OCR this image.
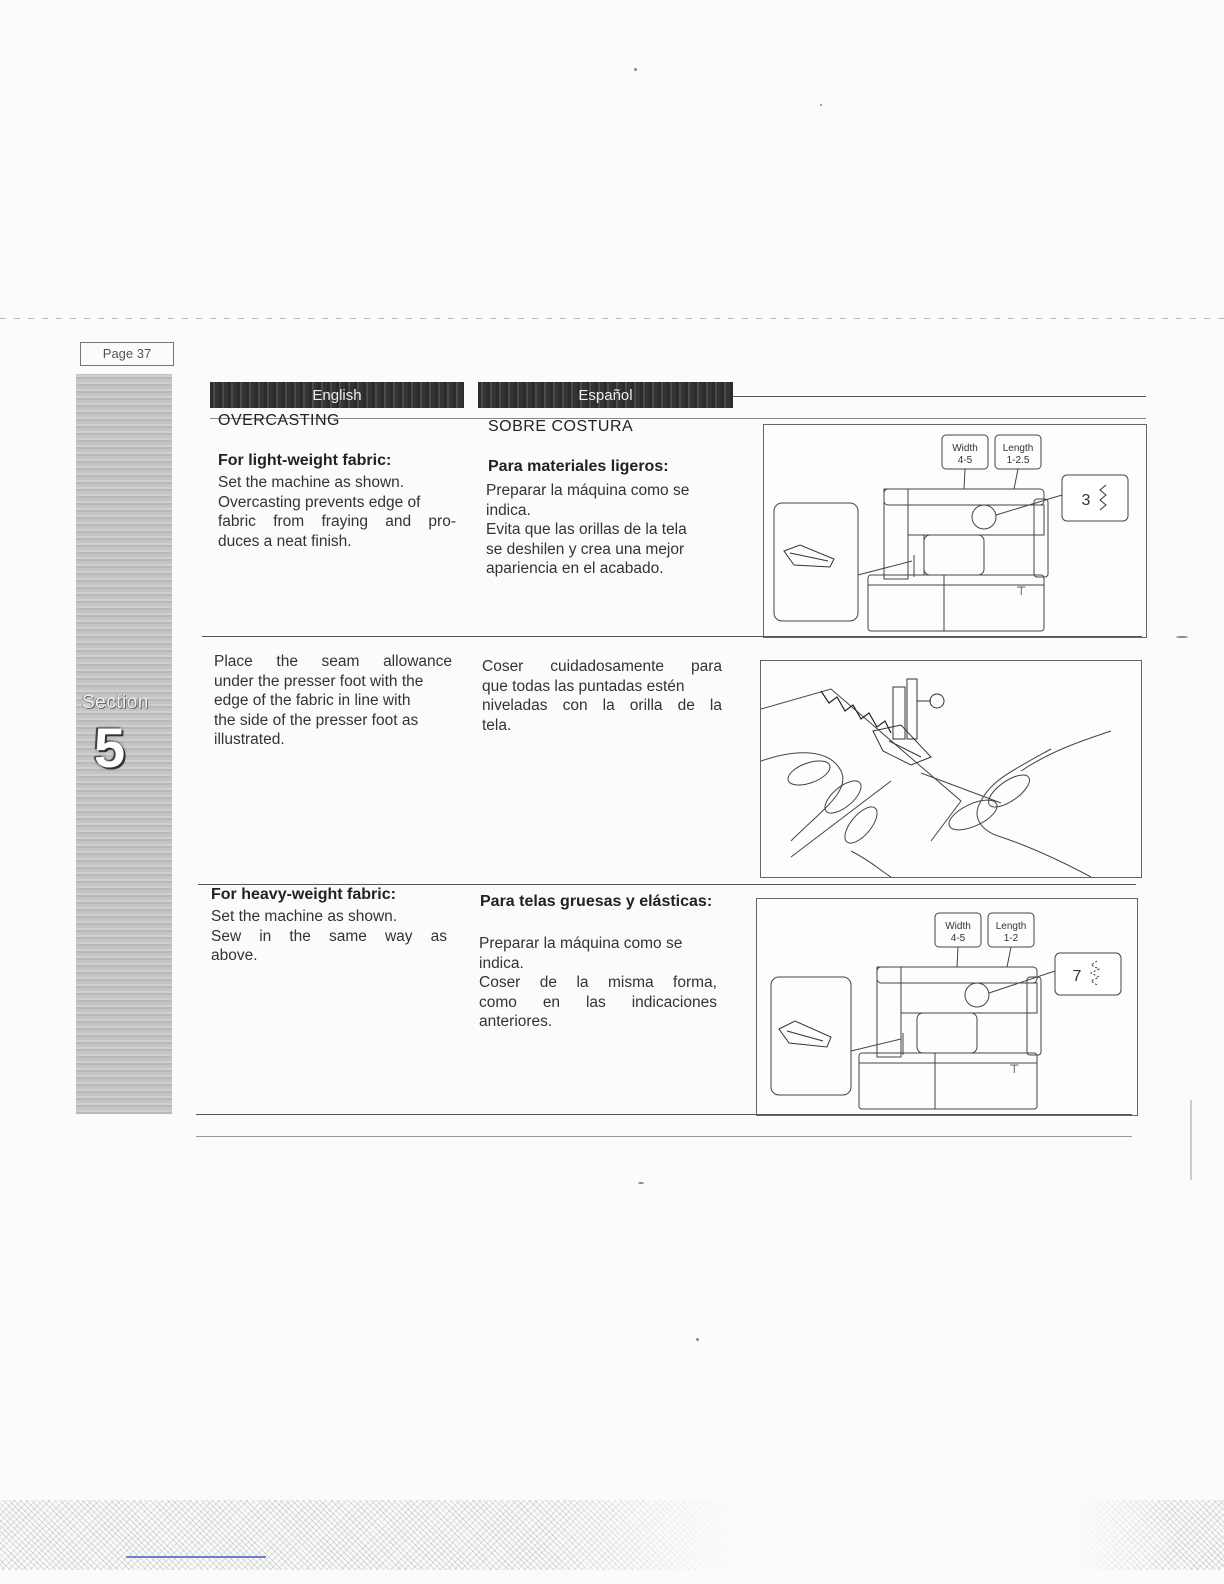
Page 37
Section
5
English	Español
OVERCASTING
For light-weight fabric:
Set the machine as shown.
Overcasting prevents edge of
fabric from fraying and pro-
duces a neat finish.
SOBRE COSTURA
Para materiales ligeros:
Preparar la máquina como se
indica.
Evita que las orillas de la tela
se deshilen y crea una mejor
apariencia en el acabado.
Width
4-5
Length
1-2.5
3
⊤
Place the seam allowance
under the presser foot with the
edge of the fabric in line with
the side of the presser foot as
illustrated.
Coser cuidadosamente para
que todas las puntadas estén
niveladas con la orilla de la
tela.
For heavy-weight fabric:
Set the machine as shown.
Sew in the same way as
above.
Para telas gruesas y elásticas:
Preparar la máquina como se
indica.
Coser de la misma forma,
como en las indicaciones
anteriores.
Width
4-5
Length
1-2
7
⊤
